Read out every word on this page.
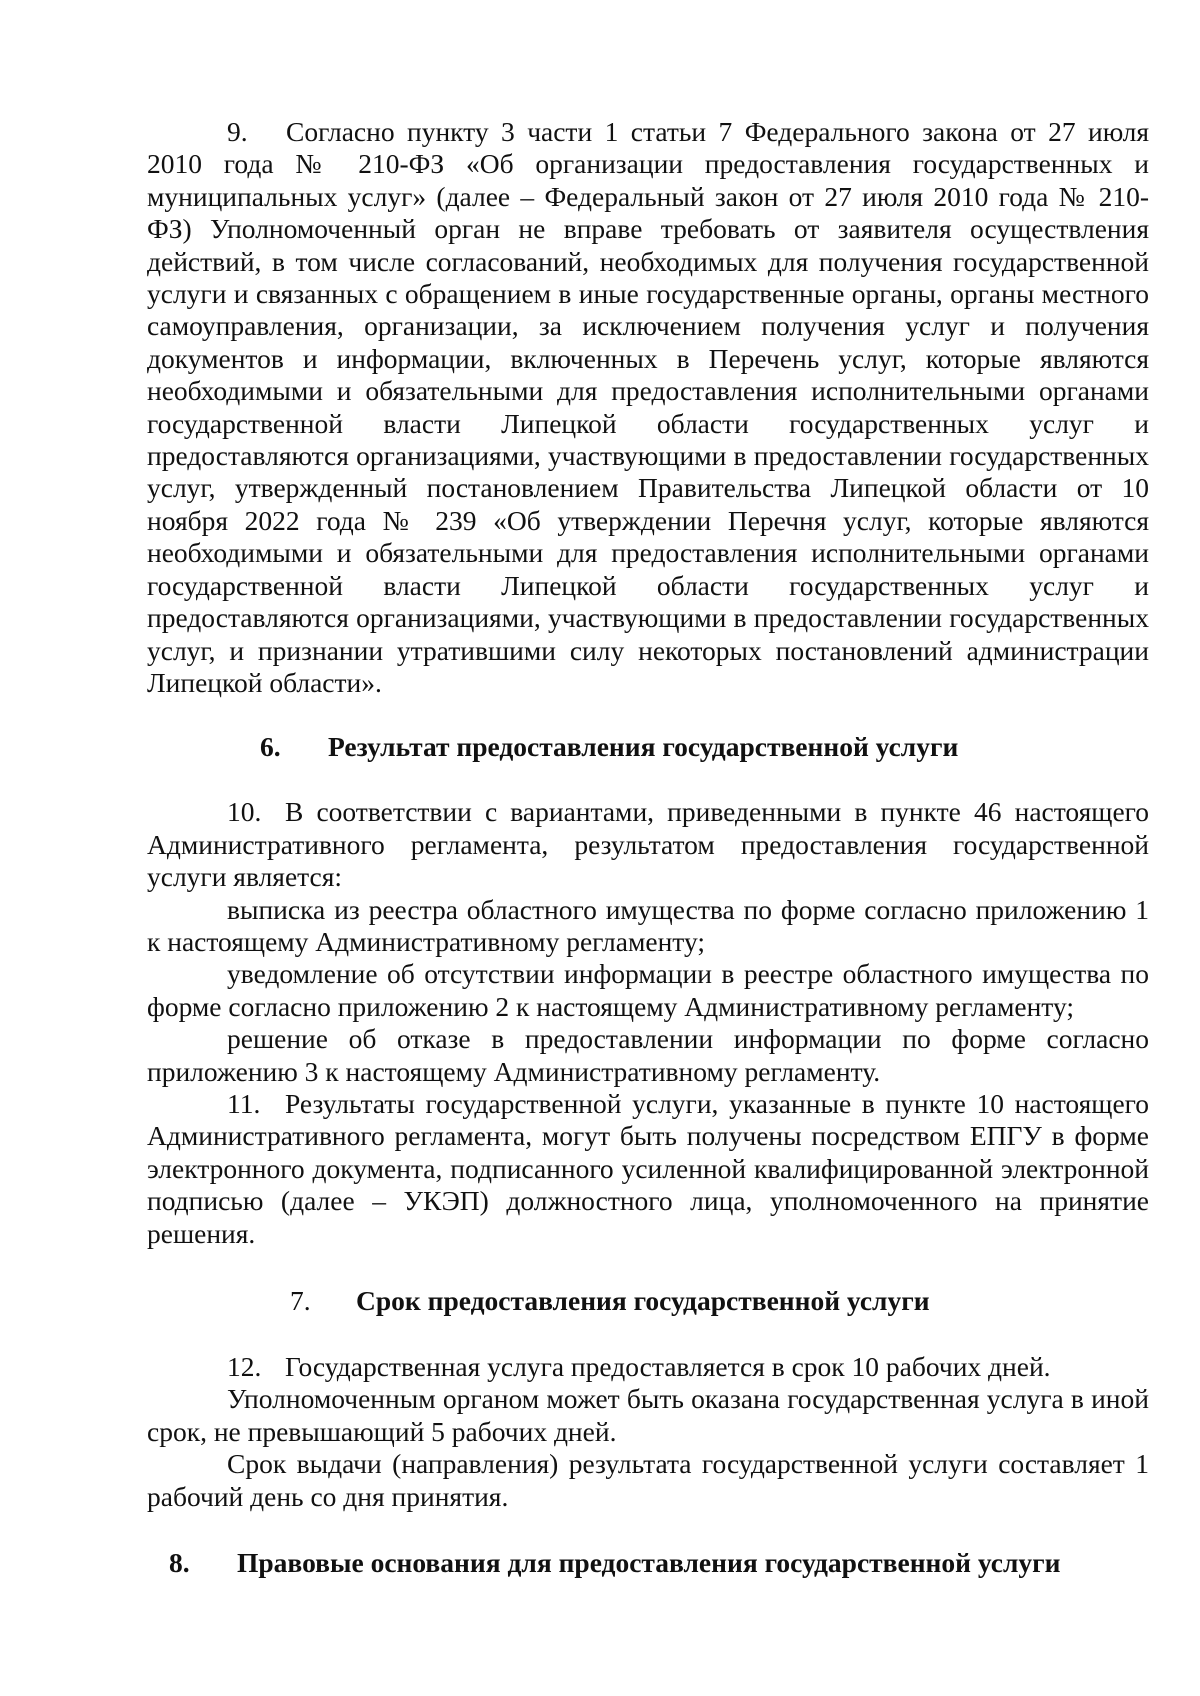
9. Согласно пункту 3 части 1 статьи 7 Федерального закона от 27 июля 2010 года № 210-ФЗ «Об организации предоставления государственных и муниципальных услуг» (далее – Федеральный закон от 27 июля 2010 года № 210-ФЗ) Уполномоченный орган не вправе требовать от заявителя осуществления действий, в том числе согласований, необходимых для получения государственной услуги и связанных с обращением в иные государственные органы, органы местного самоуправления, организации, за исключением получения услуг и получения документов и информации, включенных в Перечень услуг, которые являются необходимыми и обязательными для предоставления исполнительными органами государственной власти Липецкой области государственных услуг и предоставляются организациями, участвующими в предоставлении государственных услуг, утвержденный постановлением Правительства Липецкой области от 10 ноября 2022 года № 239 «Об утверждении Перечня услуг, которые являются необходимыми и обязательными для предоставления исполнительными органами государственной власти Липецкой области государственных услуг и предоставляются организациями, участвующими в предоставлении государственных услуг, и признании утратившими силу некоторых постановлений администрации Липецкой области».

6. Результат предоставления государственной услуги

10. В соответствии с вариантами, приведенными в пункте 46 настоящего Административного регламента, результатом предоставления государственной услуги является:

выписка из реестра областного имущества по форме согласно приложению 1 к настоящему Административному регламенту;

уведомление об отсутствии информации в реестре областного имущества по форме согласно приложению 2 к настоящему Административному регламенту;

решение об отказе в предоставлении информации по форме согласно приложению 3 к настоящему Административному регламенту.

11. Результаты государственной услуги, указанные в пункте 10 настоящего Административного регламента, могут быть получены посредством ЕПГУ в форме электронного документа, подписанного усиленной квалифицированной электронной подписью (далее – УКЭП) должностного лица, уполномоченного на принятие решения.

7. Срок предоставления государственной услуги

12. Государственная услуга предоставляется в срок 10 рабочих дней.

Уполномоченным органом может быть оказана государственная услуга в иной срок, не превышающий 5 рабочих дней.

Срок выдачи (направления) результата государственной услуги составляет 1 рабочий день со дня принятия.

8. Правовые основания для предоставления государственной услуги
